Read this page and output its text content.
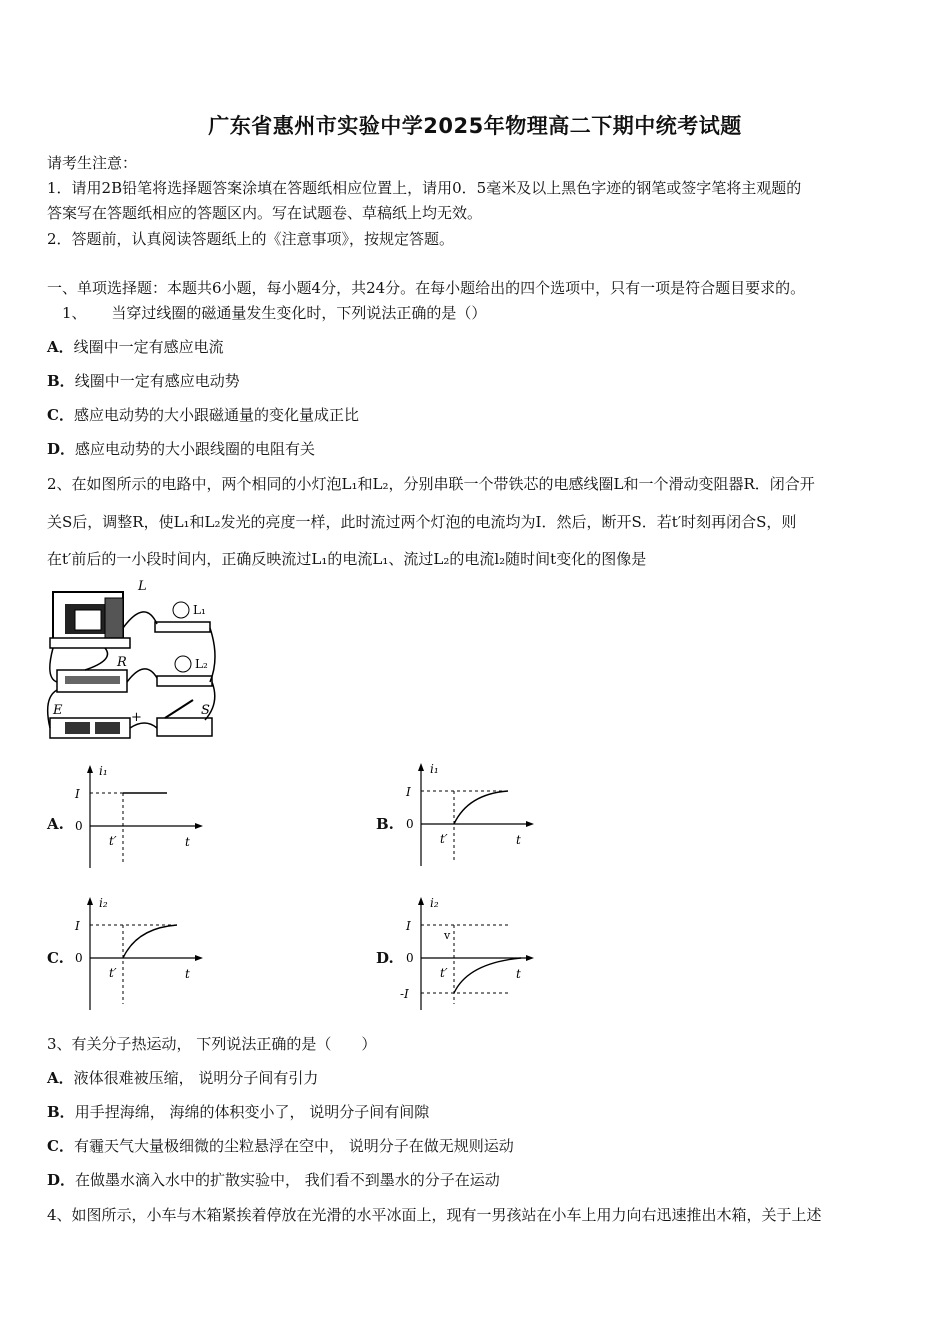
广东省惠州市实验中学2025年物理高二下期中统考试题
请考生注意：
1．请用2B铅笔将选择题答案涂填在答题纸相应位置上，请用0．5毫米及以上黑色字迹的钢笔或签字笔将主观题的
答案写在答题纸相应的答题区内。写在试题卷、草稿纸上均无效。
2．答题前，认真阅读答题纸上的《注意事项》，按规定答题。
一、单项选择题：本题共6小题，每小题4分，共24分。在每小题给出的四个选项中，只有一项是符合题目要求的。
1、 当穿过线圈的磁通量发生变化时，下列说法正确的是（）
A．线圈中一定有感应电流
B．线圈中一定有感应电动势
C．感应电动势的大小跟磁通量的变化量成正比
D．感应电动势的大小跟线圈的电阻有关
2、在如图所示的电路中，两个相同的小灯泡L₁和L₂，分别串联一个带铁芯的电感线圈L和一个滑动变阻器R．闭合开
关S后，调整R，使L₁和L₂发光的亮度一样，此时流过两个灯泡的电流均为I．然后，断开S．若t′时刻再闭合S，则
在t′前后的一小段时间内，正确反映流过L₁的电流L₁、流过L₂的电流l₂随时间t变化的图像是
L
L₁
L₂
R
E	+	S
A.
i₁
I
0
t′	t
B.
i₁
I
0
t′	t
C.
i₂
I
0
t′	t
D.
i₂
I
0
-I
v
t′	t
3、有关分子热运动， 下列说法正确的是（　　）
A．液体很难被压缩， 说明分子间有引力
B．用手捏海绵， 海绵的体积变小了， 说明分子间有间隙
C．有霾天气大量极细微的尘粒悬浮在空中， 说明分子在做无规则运动
D．在做墨水滴入水中的扩散实验中， 我们看不到墨水的分子在运动
4、如图所示，小车与木箱紧挨着停放在光滑的水平冰面上，现有一男孩站在小车上用力向右迅速推出木箱，关于上述
